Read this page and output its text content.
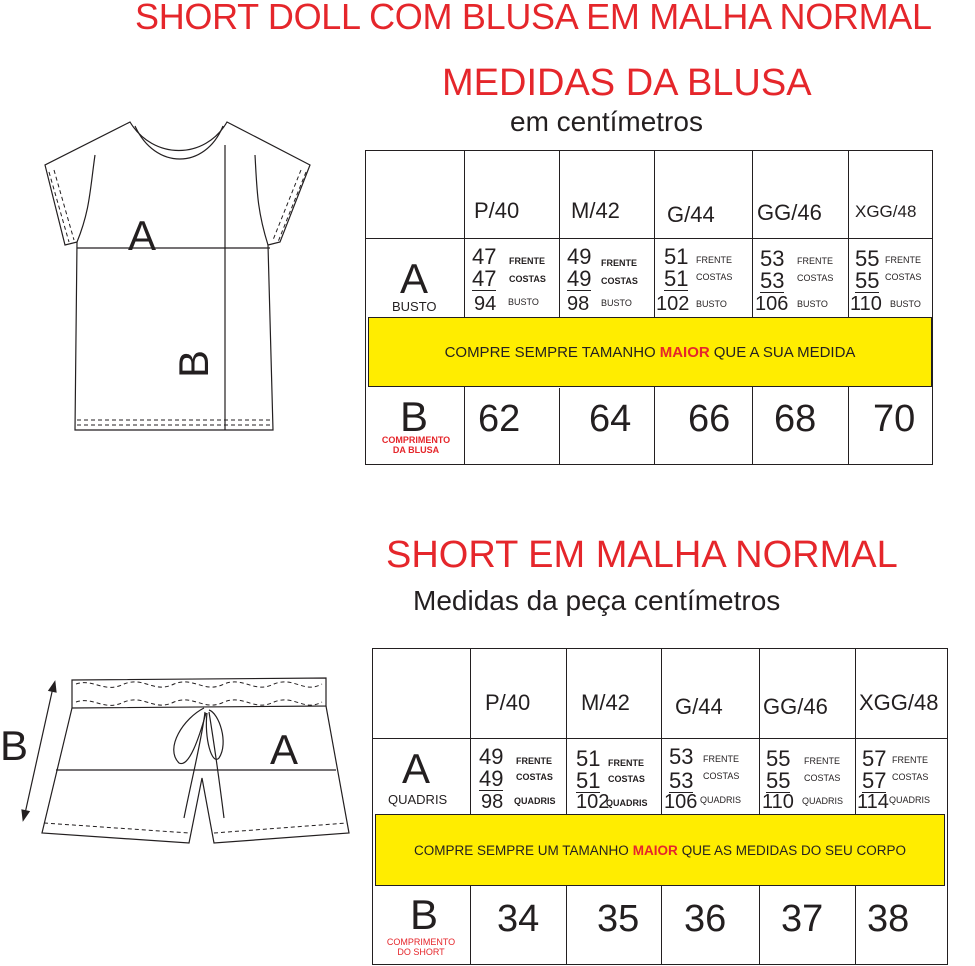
SHORT DOLL COM BLUSA EM MALHA NORMAL
MEDIDAS DA BLUSA
em centímetros
A
B
P/40 M/42 G/44 GG/46 XGG/48
A
BUSTO
47 FRENTE
47 COSTAS
94 BUSTO
49 FRENTE
49 COSTAS
98 BUSTO
51 FRENTE
51 COSTAS
102 BUSTO
53 FRENTE
53 COSTAS
106 BUSTO
55 FRENTE
55 COSTAS
110 BUSTO
COMPRE SEMPRE TAMANHO MAIOR QUE A SUA MEDIDA
B
COMPRIMENTO
DA BLUSA
62 64 66 68 70
SHORT EM MALHA NORMAL
Medidas da peça centímetros
B	A
P/40 M/42 G/44 GG/46 XGG/48
A
QUADRIS
49 FRENTE
49 COSTAS
98 QUADRIS
51 FRENTE
51 COSTAS
102
QUADRIS
53 FRENTE
53 COSTAS
106 QUADRIS
55 FRENTE
55 COSTAS
110 QUADRIS
57 FRENTE
57 COSTAS
114 QUADRIS
COMPRE SEMPRE UM TAMANHO MAIOR QUE AS MEDIDAS DO SEU CORPO
B
COMPRIMENTO
DO SHORT
34 35 36 37 38
